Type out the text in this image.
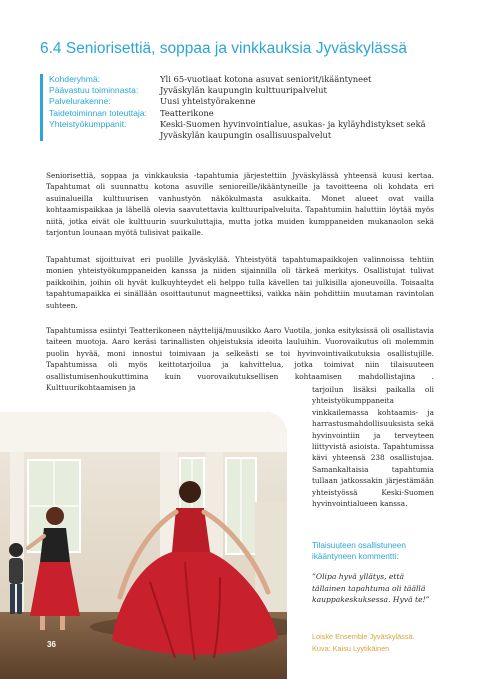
6.4 Seniorisettiä, soppaa ja vinkkauksia Jyväskylässä
Kohderyhmä:	Yli 65-vuotiaat kotona asuvat seniorit/ikääntyneet
Päävastuu toiminnasta:	Jyväskylän kaupungin kulttuuripalvelut
Palvelurakenne:	Uusi yhteistyörakenne
Taidetoiminnan toteuttaja:	Teatterikone
Yhteistyökumppanit:	Keski-Suomen hyvinvointialue, asukas- ja kyläyhdistykset sekä Jyväskylän kaupungin osallisuuspalvelut

Seniorisettiä, soppaa ja vinkkauksia -tapahtumia järjestettiin Jyväskylässä yhteensä kuusi kertaa. Tapahtumat oli suunnattu kotona asuville senioreille/ikääntyneille ja tavoitteena oli kohdata eri asuinalueilla kulttuurisen vanhustyön näkökulmasta asukkaita. Monet alueet ovat vailla kohtaamispaikkaa ja lähellä olevia saavutettavia kulttuuripalveluita. Tapahtumiin haluttiin löytää myös niitä, jotka eivät ole kulttuurin suurkuluttajia, mutta jotka muiden kumppaneiden mukanaolon sekä tarjontun lounaan myötä tulisivat paikalle.

Tapahtumat sijoittuivat eri puolille Jyväskylää. Yhteistyötä tapahtumapaikkojen valinnoissa tehtiin monien yhteistyökumppaneiden kanssa ja niiden sijainnilla oli tärkeä merkitys. Osallistujat tulivat paikkoihin, joihin oli hyvät kulkuyhteydet eli helppo tulla kävellen tai julkisilla ajoneuvoilla. Toisaalta tapahtumapaikka ei sinällään osoittautunut magneettiksi, vaikka näin pohdittiin muutaman ravintolan suhteen.

Tapahtumissa esiintyi Teatterikoneen näyttelijä/muusikko Aaro Vuotila, jonka esityksissä oli osallistavia taiteen muotoja. Aaro keräsi tarinallisten ohjeistuksia ideoita lauluihin. Vuorovaikutus oli molemmin puolin hyvää, moni innostui toimivaan ja selkeästi se toi hyvinvointivaikutuksia osallistujille. Tapahtumissa oli myös keittotarjoilua ja kahvittelua, jotka toimivat niin tilaisuuteen osallistumisenhoukuttimina kuin vuorovaikutuksellisen kohtaamisen mahdollistajina . Kulttuurikohtaamisen ja	tarjoilun lisäksi paikalla oli yhteistyökumppaneita vinkkailemassa kohtaamis- ja harrastusmahdollisuuksista sekä hyvinvointiin ja terveyteen liittyvistä asioista. Tapahtumissa kävi yhteensä 238 osallistujaa. Samankaltaisia tapahtumia tullaan jatkossakin järjestämään yhteistyössä Keski-Suomen hyvinvointialueen kanssa.

36

Tilaisuuteen osallistuneen ikääntyneen kommentti:

”Olipa hyvä yllätys, että tällainen tapahtuma oli täällä kauppakeskuksessa. Hyvä te!”

Loiske Ensemble Jyväskylässä.
Kuva: Kaisu Lyytikäinen
